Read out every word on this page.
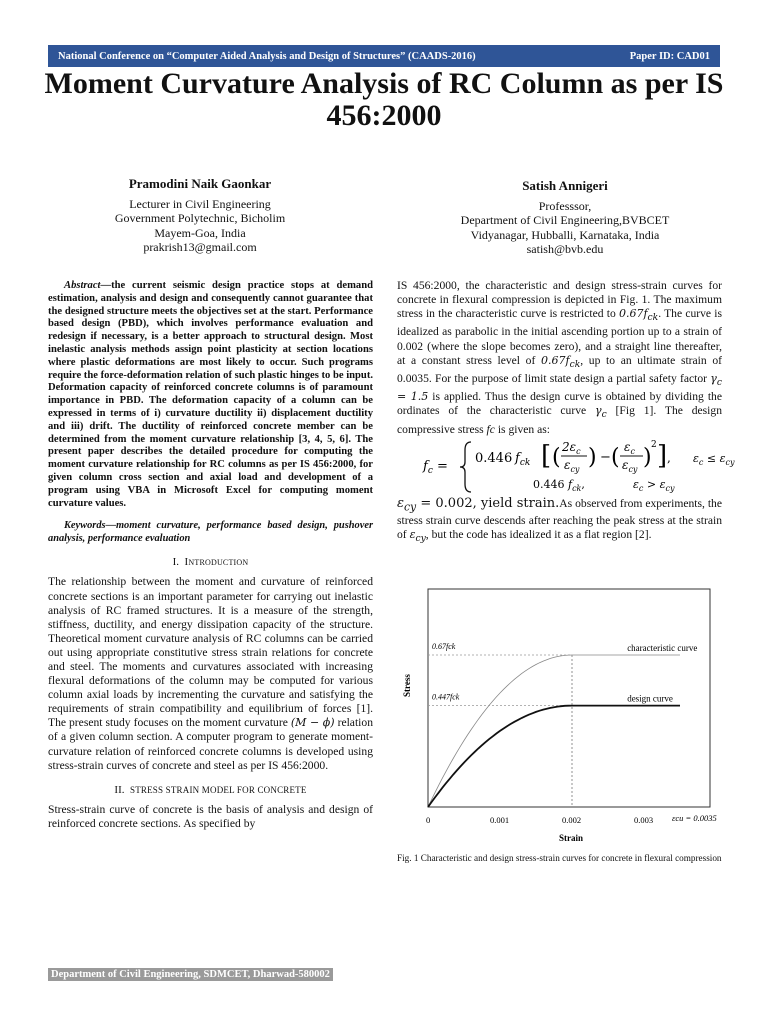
National Conference on “Computer Aided Analysis and Design of Structures” (CAADS-2016)	Paper ID: CAD01
Moment Curvature Analysis of RC Column as per IS 456:2000
Pramodini Naik Gaonkar
Lecturer in Civil Engineering
Government Polytechnic, Bicholim
Mayem-Goa, India
prakrish13@gmail.com
Satish Annigeri
Professsor,
Department of Civil Engineering,BVBCET
Vidyanagar, Hubballi, Karnataka, India
satish@bvb.edu
Abstract—the current seismic design practice stops at demand estimation, analysis and design and consequently cannot guarantee that the designed structure meets the objectives set at the start. Performance based design (PBD), which involves performance evaluation and redesign if necessary, is a better approach to structural design. Most inelastic analysis methods assign point plasticity at section locations where plastic deformations are most likely to occur. Such programs require the force-deformation relation of such plastic hinges to be input. Deformation capacity of reinforced concrete columns is of paramount importance in PBD. The deformation capacity of a column can be expressed in terms of i) curvature ductility ii) displacement ductility and iii) drift. The ductility of reinforced concrete member can be determined from the moment curvature relationship [3, 4, 5, 6]. The present paper describes the detailed procedure for computing the moment curvature relationship for RC columns as per IS 456:2000, for given column cross section and axial load and development of a program using VBA in Microsoft Excel for computing moment curvature values.
Keywords—moment curvature, performance based design, pushover analysis, performance evaluation
I. Introduction

The relationship between the moment and curvature of reinforced concrete sections is an important parameter for carrying out inelastic analysis of RC framed structures. It is a measure of the strength, stiffness, ductility, and energy dissipation capacity of the structure. Theoretical moment curvature analysis of RC columns can be carried out using appropriate constitutive stress strain relations for concrete and steel. The moments and curvatures associated with increasing flexural deformations of the column may be computed for various column axial loads by incrementing the curvature and satisfying the requirements of strain compatibility and equilibrium of forces [1]. The present study focuses on the moment curvature (M − ϕ) relation of a given column section. A computer program to generate moment-curvature relation of reinforced concrete columns is developed using stress-strain curves of concrete and steel as per IS 456:2000.

II. STRESS STRAIN MODEL FOR CONCRETE

Stress-strain curve of concrete is the basis of analysis and design of reinforced concrete sections. As specified by

IS 456:2000, the characteristic and design stress-strain curves for concrete in flexural compression is depicted in Fig. 1. The maximum stress in the characteristic curve is restricted to $0.67f_{ck}$. The curve is idealized as parabolic in the initial ascending portion up to a strain of 0.002 (where the slope becomes zero), and a straight line thereafter, at a constant stress level of $0.67f_{ck}$, up to an ultimate strain of 0.0035. For the purpose of limit state design a partial safety factor $\gamma_c = 1.5$ is applied. Thus the design curve is obtained by dividing the ordinates of the characteristic curve $\gamma_c$ [Fig 1]. The design compressive stress fc is given as:

$f_c$ =
0.446 $f_{ck}$ [ ( $2\varepsilon_c$
$\varepsilon_{cy}$ ) − ( $\varepsilon_c$
$\varepsilon_{cy}$ ) 2 ] , $\varepsilon_c \le \varepsilon_{cy}$
0.446 $f_{ck}$,	$\varepsilon_c > \varepsilon_{cy}$

$\varepsilon_{cy} = 0.002$, yield strain.As observed from experiments, the stress strain curve descends after reaching the peak stress at the strain of $\varepsilon_{cy}$, but the code has idealized it as a flat region [2].

characteristic curve
0.67fck
design curve
0.447fck
0	0.001	0.002	0.003 εcu = 0.0035
Strain
Stress
Fig. 1 Characteristic and design stress-strain curves for concrete in flexural compression
Department of Civil Engineering, SDMCET, Dharwad-580002
